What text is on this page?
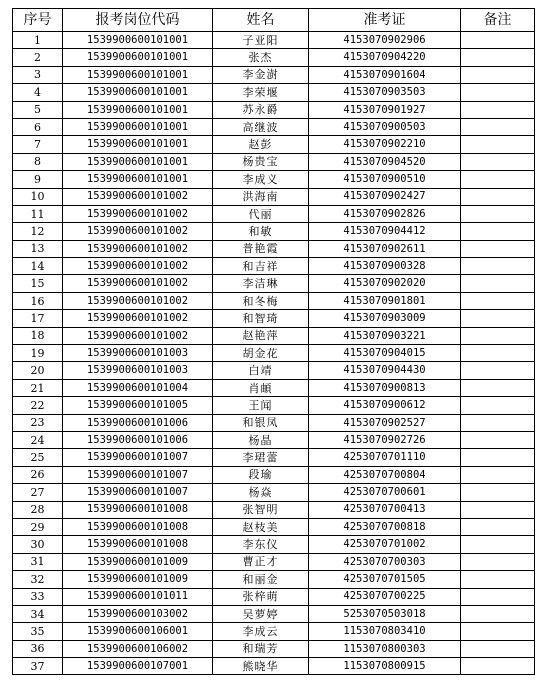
序号	报考岗位代码	姓名	准考证	备注
1	1539900600101001	子亚阳	4153070902906	
2	1539900600101001	张杰	4153070904220	
3	1539900600101001	李金澍	4153070901604	
4	1539900600101001	李荣堰	4153070903503	
5	1539900600101001	苏永爵	4153070901927	
6	1539900600101001	高继波	4153070900503	
7	1539900600101001	赵彭	4153070902210	
8	1539900600101001	杨贵宝	4153070904520	
9	1539900600101001	李成义	4153070900510	
10	1539900600101002	洪海南	4153070902427	
11	1539900600101002	代丽	4153070902826	
12	1539900600101002	和敏	4153070904412	
13	1539900600101002	普艳霞	4153070902611	
14	1539900600101002	和吉祥	4153070900328	
15	1539900600101002	李洁琳	4153070902020	
16	1539900600101002	和冬梅	4153070901801	
17	1539900600101002	和智琦	4153070903009	
18	1539900600101002	赵艳萍	4153070903221	
19	1539900600101003	胡金花	4153070904015	
20	1539900600101003	白靖	4153070904430	
21	1539900600101004	肖頔	4153070900813	
22	1539900600101005	王闻	4153070900612	
23	1539900600101006	和银凤	4153070902527	
24	1539900600101006	杨晶	4153070902726	
25	1539900600101007	李珺蕾	4253070701110	
26	1539900600101007	段瑜	4253070700804	
27	1539900600101007	杨焱	4253070700601	
28	1539900600101008	张智明	4253070700413	
29	1539900600101008	赵枝美	4253070700818	
30	1539900600101008	李东仪	4253070701002	
31	1539900600101009	曹正才	4253070700303	
32	1539900600101009	和丽金	4253070701505	
33	1539900600101011	张梓萌	4253070700225	
34	1539900600103002	吴萝婷	5253070503018	
35	1539900600106001	李成云	1153070803410	
36	1539900600106002	和瑞芳	1153070800303	
37	1539900600107001	熊晓华	1153070800915	
